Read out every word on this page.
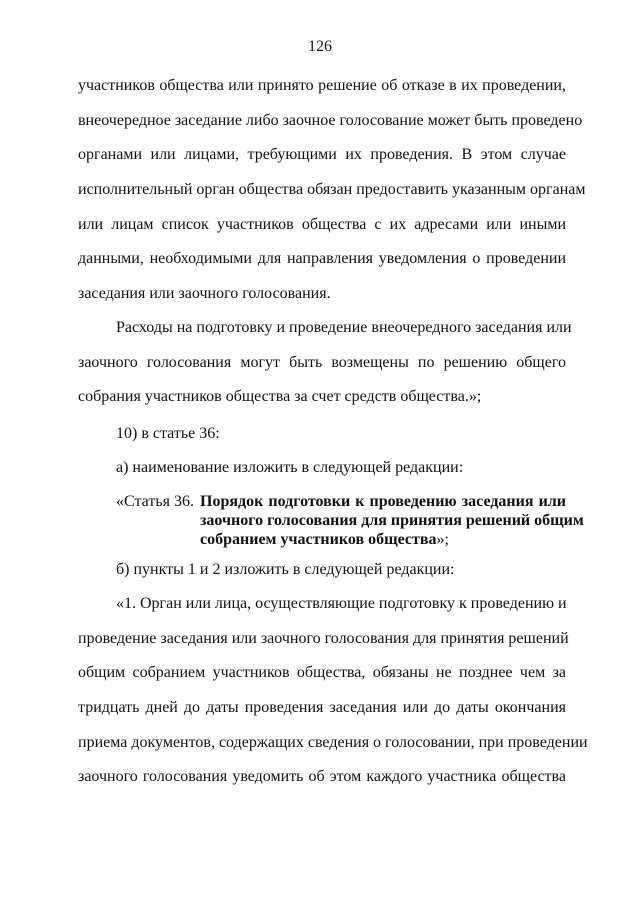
126
участников общества или принято решение об отказе в их проведении,
внеочередное заседание либо заочное голосование может быть проведено
органами или лицами, требующими их проведения. В этом случае
исполнительный орган общества обязан предоставить указанным органам
или лицам список участников общества с их адресами или иными
данными, необходимыми для направления уведомления о проведении
заседания или заочного голосования.
Расходы на подготовку и проведение внеочередного заседания или
заочного голосования могут быть возмещены по решению общего
собрания участников общества за счет средств общества.»;
10) в статье 36:
а) наименование изложить в следующей редакции:
«Статья 36. Порядок подготовки к проведению заседания или
заочного голосования для принятия решений общим
собранием участников общества»;
б) пункты 1 и 2 изложить в следующей редакции:
«1. Орган или лица, осуществляющие подготовку к проведению и
проведение заседания или заочного голосования для принятия решений
общим собранием участников общества, обязаны не позднее чем за
тридцать дней до даты проведения заседания или до даты окончания
приема документов, содержащих сведения о голосовании, при проведении
заочного голосования уведомить об этом каждого участника общества
